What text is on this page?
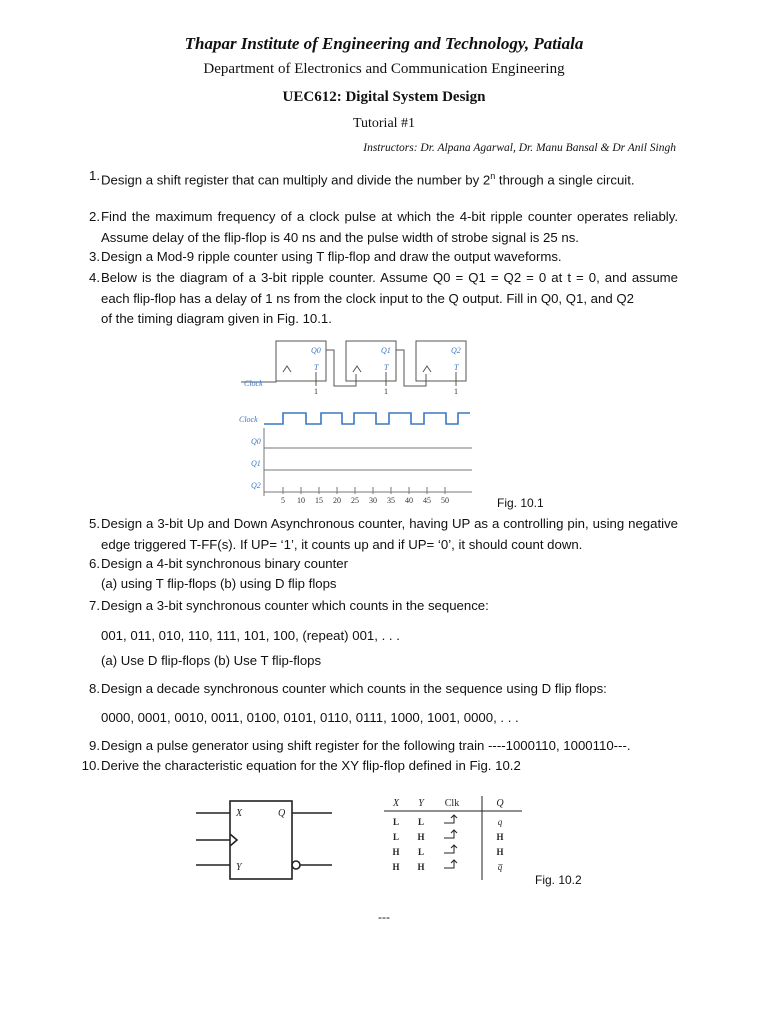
Thapar Institute of Engineering and Technology, Patiala
Department of Electronics and Communication Engineering
UEC612: Digital System Design
Tutorial #1
Instructors: Dr. Alpana Agarwal, Dr. Manu Bansal & Dr Anil Singh
1. Design a shift register that can multiply and divide the number by 2$^n$ through a single circuit.
2. Find the maximum frequency of a clock pulse at which the 4-bit ripple counter operates reliably. Assume delay of the flip-flop is 40 ns and the pulse width of strobe signal is 25 ns.
3. Design a Mod-9 ripple counter using T flip-flop and draw the output waveforms.
4. Below is the diagram of a 3-bit ripple counter. Assume Q0 = Q1 = Q2 = 0 at t = 0, and assume each flip-flop has a delay of 1 ns from the clock input to the Q output. Fill in Q0, Q1, and Q2
of the timing diagram given in Fig. 10.1.
Q0	Q1	Q2
T	T	T
Clock
1	1	1
Clock
Q0
Q1
Q2
5 10 15 20 25 30 35 40 45 50	Fig. 10.1
5. Design a 3-bit Up and Down Asynchronous counter, having UP as a controlling pin, using negative edge triggered T-FF(s). If UP= ‘1’, it counts up and if UP= ‘0’, it should count down.
6. Design a 4-bit synchronous binary counter
(a) using T flip-flops (b) using D flip flops
7. Design a 3-bit synchronous counter which counts in the sequence:
001, 011, 010, 110, 111, 101, 100, (repeat) 001, . . .
(a) Use D flip-flops (b) Use T flip-flops
8. Design a decade synchronous counter which counts in the sequence using D flip flops:
0000, 0001, 0010, 0011, 0100, 0101, 0110, 0111, 1000, 1001, 0000, . . .
9. Design a pulse generator using shift register for the following train ----1000110, 1000110---.
10. Derive the characteristic equation for the XY flip-flop defined in Fig. 10.2
X
Y
Q
X Y Clk	Q
L L	q
L H	H
H L	H
H H	q̅
Fig. 10.2
---
